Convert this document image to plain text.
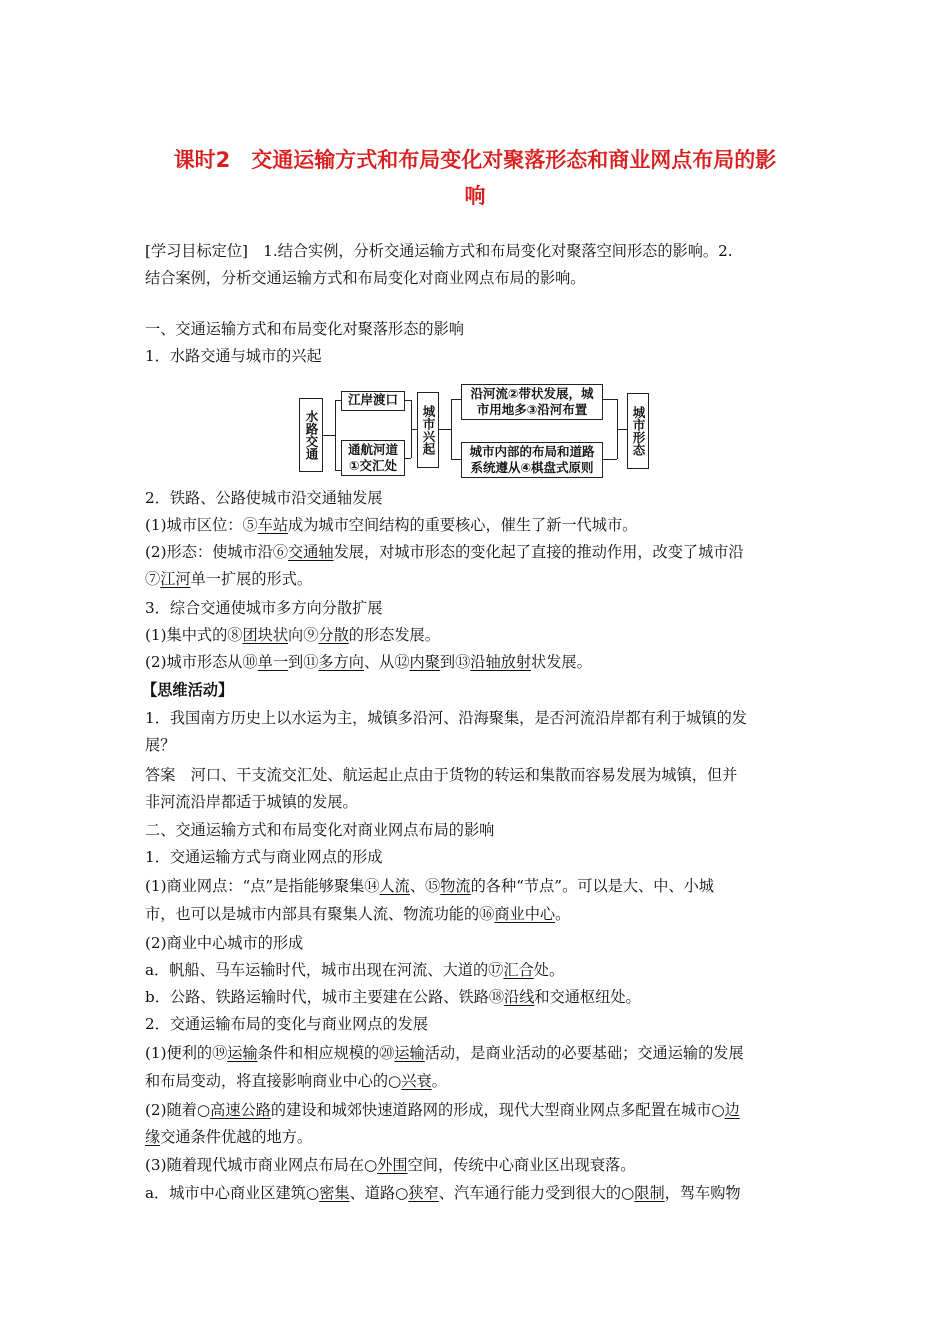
课时2　交通运输方式和布局变化对聚落形态和商业网点布局的影
响
[学习目标定位]　1.结合实例，分析交通运输方式和布局变化对聚落空间形态的影响。2.
结合案例，分析交通运输方式和布局变化对商业网点布局的影响。
一、交通运输方式和布局变化对聚落形态的影响
1．水路交通与城市的兴起
水路交通
江岸渡口
通航河道
①交汇处
城市兴起
沿河流②带状发展，城
市用地多③沿河布置
城市内部的布局和道路
系统遵从④棋盘式原则
城市形态
2．铁路、公路使城市沿交通轴发展
(1)城市区位：⑤车站成为城市空间结构的重要核心，催生了新一代城市。
(2)形态：使城市沿⑥交通轴发展，对城市形态的变化起了直接的推动作用，改变了城市沿
⑦江河单一扩展的形式。
3．综合交通使城市多方向分散扩展
(1)集中式的⑧团块状向⑨分散的形态发展。
(2)城市形态从⑩单一到⑪多方向、从⑫内聚到⑬沿轴放射状发展。
【思维活动】
1．我国南方历史上以水运为主，城镇多沿河、沿海聚集，是否河流沿岸都有利于城镇的发
展？
答案　河口、干支流交汇处、航运起止点由于货物的转运和集散而容易发展为城镇，但并
非河流沿岸都适于城镇的发展。
二、交通运输方式和布局变化对商业网点布局的影响
1．交通运输方式与商业网点的形成
(1)商业网点：“点”是指能够聚集⑭人流、⑮物流的各种“节点”。可以是大、中、小城
市，也可以是城市内部具有聚集人流、物流功能的⑯商业中心。
(2)商业中心城市的形成
a．帆船、马车运输时代，城市出现在河流、大道的⑰汇合处。
b．公路、铁路运输时代，城市主要建在公路、铁路⑱沿线和交通枢纽处。
2．交通运输布局的变化与商业网点的发展
(1)便利的⑲运输条件和相应规模的⑳运输活动，是商业活动的必要基础；交通运输的发展
和布局变动，将直接影响商业中心的○兴衰。
(2)随着○高速公路的建设和城郊快速道路网的形成，现代大型商业网点多配置在城市○边
缘交通条件优越的地方。
(3)随着现代城市商业网点布局在○外围空间，传统中心商业区出现衰落。
a．城市中心商业区建筑○密集、道路○狭窄、汽车通行能力受到很大的○限制，驾车购物
